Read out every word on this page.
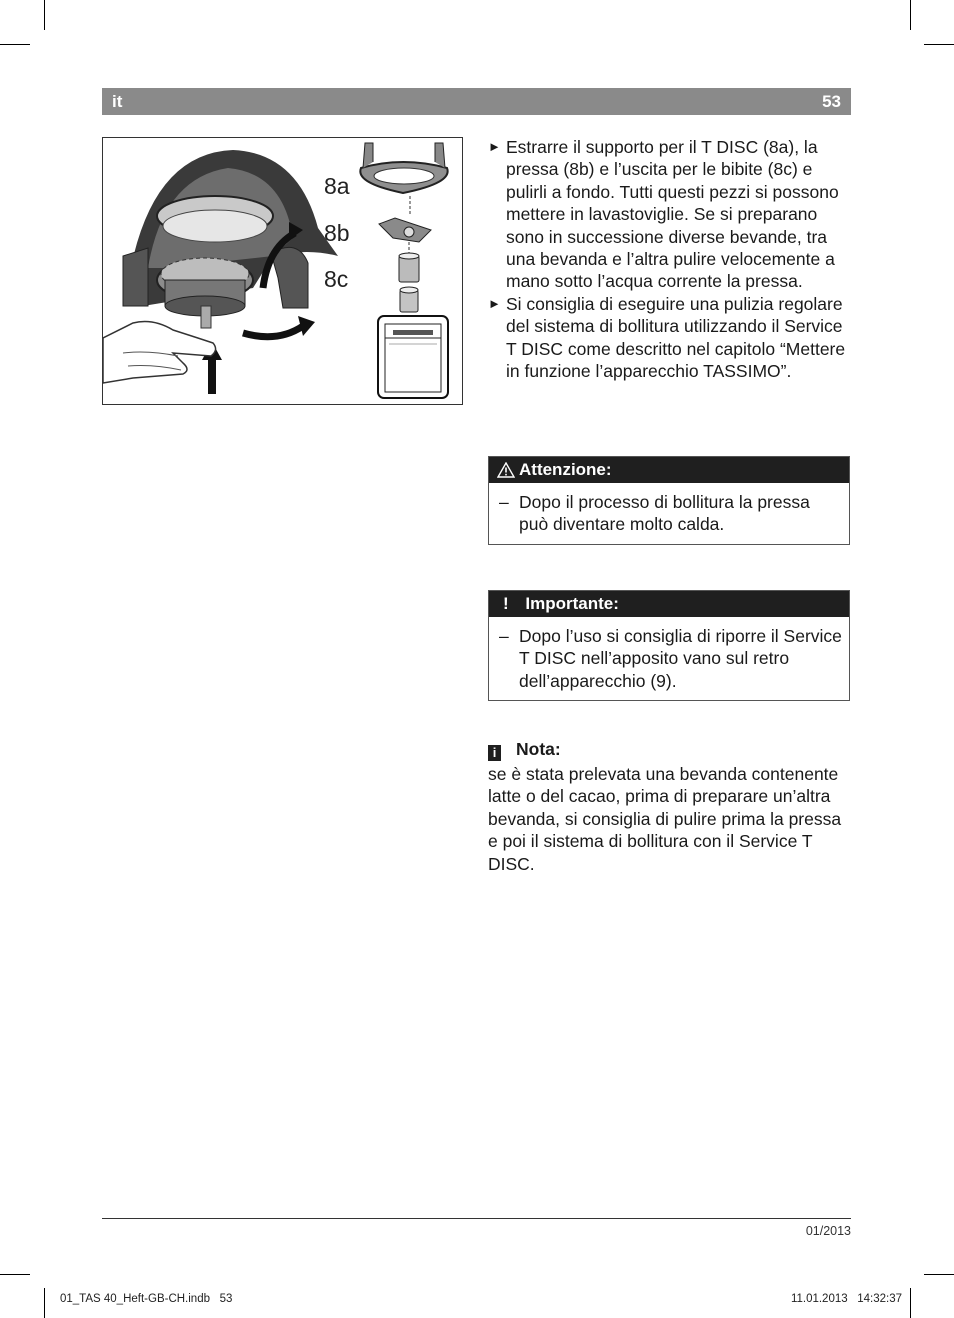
it	53
8a
8b
8c
► Estrarre il supporto per il T DISC (8a), la pressa (8b) e l’uscita per le bibite (8c) e pulirli a fondo. Tutti questi pezzi si possono mettere in lavastoviglie. Se si preparano sono in successione diverse bevande, tra una bevanda e l’altra pulire velocemente a mano sotto l’acqua corrente la pressa.
► Si consiglia di eseguire una pulizia regolare del sistema di bollitura utilizzando il Service T DISC come descritto nel capitolo “Mettere in funzione l’apparecchio TASSIMO”.
Attenzione:
– Dopo il processo di bollitura la pressa può diventare molto calda.
! Importante:
– Dopo l’uso si consiglia di riporre il Service T DISC nell’apposito vano sul retro dell’apparecchio (9).
i Nota:
se è stata prelevata una bevanda contenente latte o del cacao, prima di preparare un’altra bevanda, si consiglia di pulire prima la pressa e poi il sistema di bollitura con il Service T DISC.
01/2013
01_TAS 40_Heft-GB-CH.indb   53	11.01.2013   14:32:37
